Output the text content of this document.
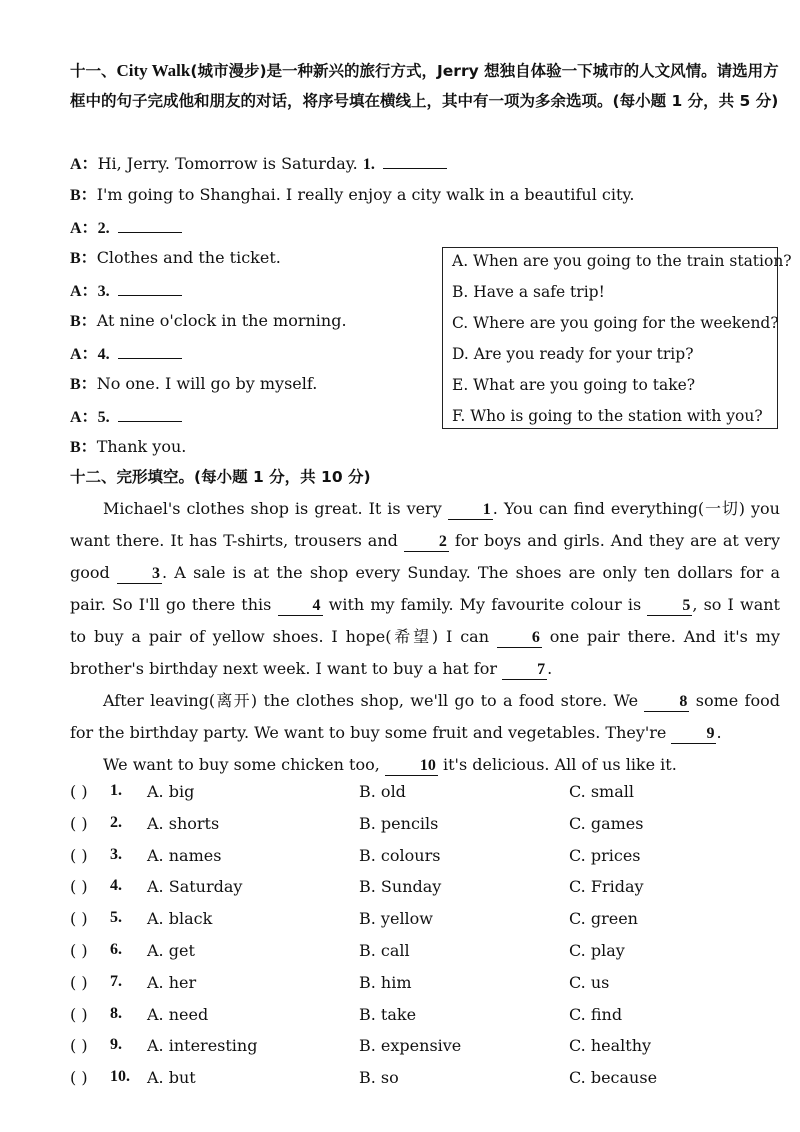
十一、City Walk(城市漫步)是一种新兴的旅行方式，Jerry 想独自体验一下城市的人文风情。请选用方框中的句子完成他和朋友的对话，将序号填在横线上，其中有一项为多余选项。(每小题 1 分，共 5 分)
A：Hi, Jerry. Tomorrow is Saturday. 1.
B：I'm going to Shanghai. I really enjoy a city walk in a beautiful city.
A：2.
B：Clothes and the ticket.
A：3.
B：At nine o'clock in the morning.
A：4.
B：No one. I will go by myself.
A：5.
B：Thank you.
A. When are you going to the train station?
B. Have a safe trip!
C. Where are you going for the weekend?
D. Are you ready for your trip?
E. What are you going to take?
F. Who is going to the station with you?
十二、完形填空。(每小题 1 分，共 10 分)

Michael's clothes shop is great. It is very 1 . You can find everything(一切) you want there. It has T-shirts, trousers and 2 for boys and girls. And they are at very good 3 . A sale is at the shop every Sunday. The shoes are only ten dollars for a pair. So I'll go there this 4 with my family. My favourite colour is 5 , so I want to buy a pair of yellow shoes. I hope(希望) I can 6 one pair there. And it's my brother's birthday next week. I want to buy a hat for 7 .

After leaving(离开) the clothes shop, we'll go to a food store. We 8 some food for the birthday party. We want to buy some fruit and vegetables. They're 9 .

We want to buy some chicken too, 10 it's delicious. All of us like it.

( ) 1. A. big	B. old	C. small
( ) 2. A. shorts	B. pencils	C. games
( ) 3. A. names	B. colours	C. prices
( ) 4. A. Saturday	B. Sunday	C. Friday
( ) 5. A. black	B. yellow	C. green
( ) 6. A. get	B. call	C. play
( ) 7. A. her	B. him	C. us
( ) 8. A. need	B. take	C. find
( ) 9. A. interesting	B. expensive	C. healthy
( ) 10. A. but	B. so	C. because
